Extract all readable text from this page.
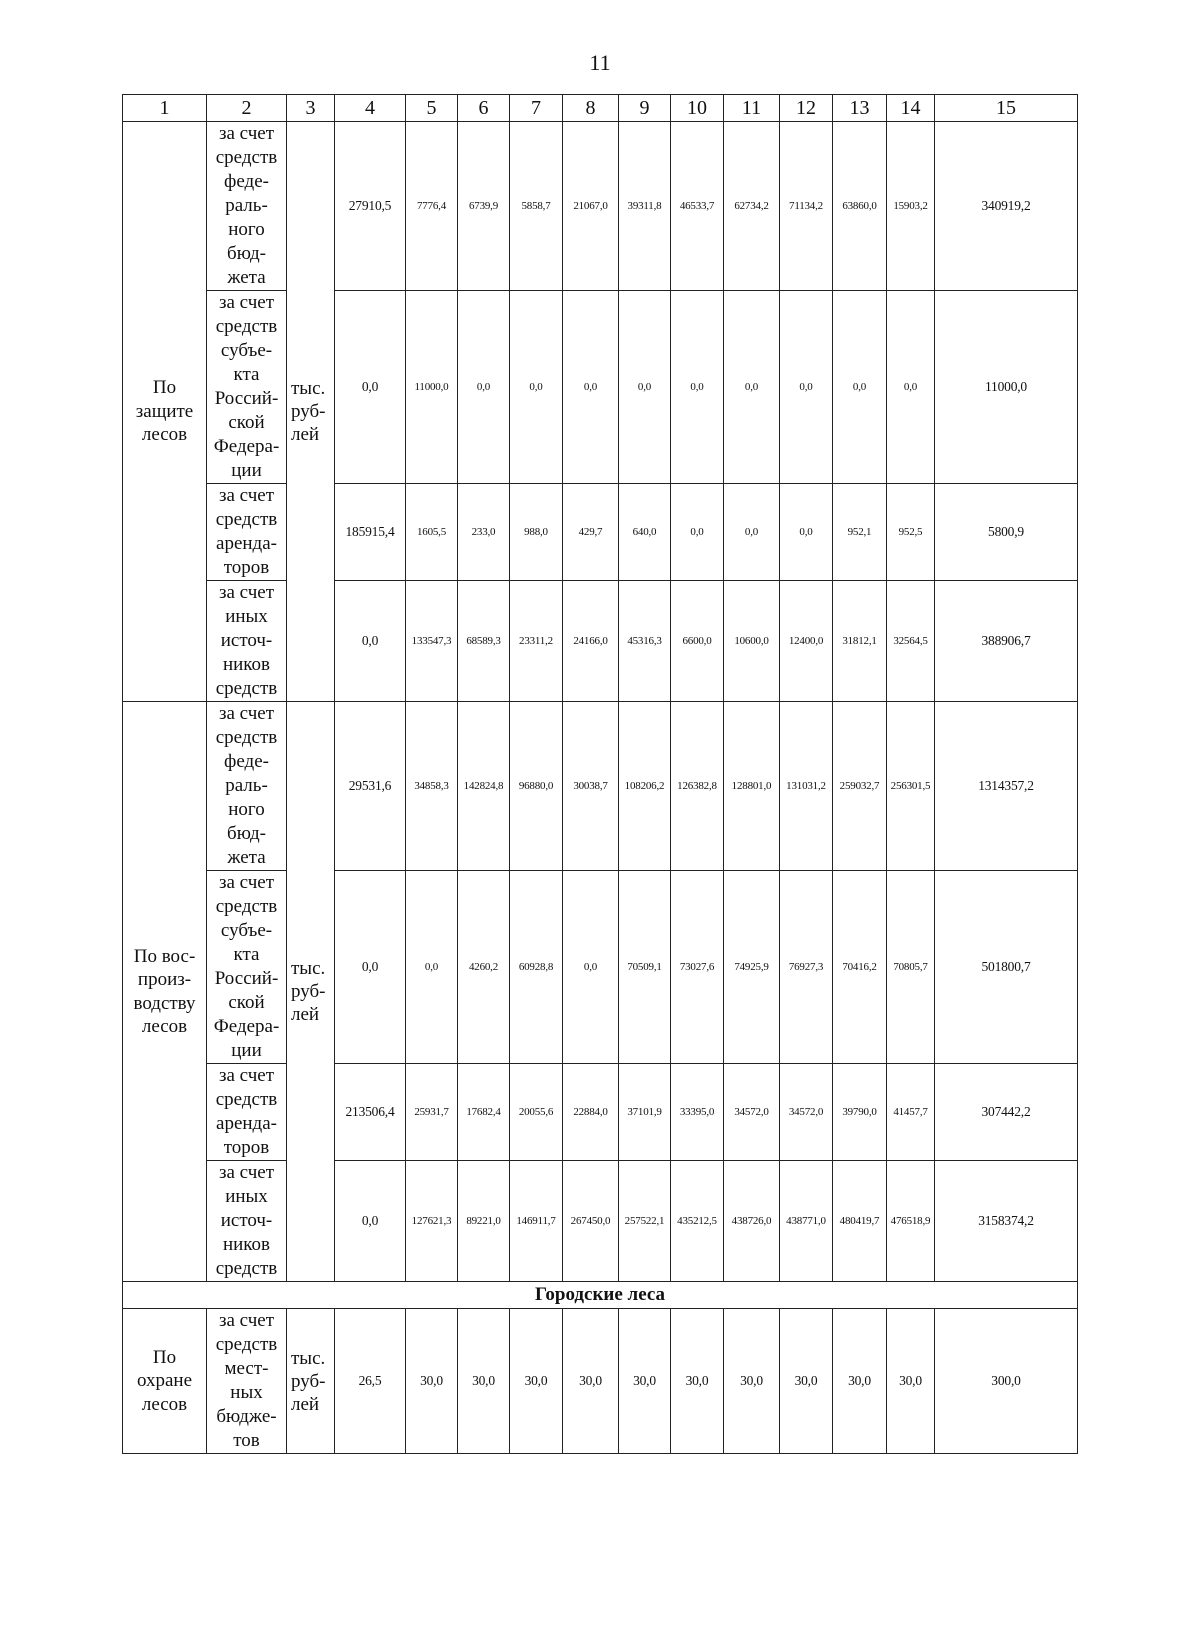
11
1	2	3	4	5	6	7	8	9	10	11	12	13	14	15

По защите лесов	за счет средств феде- раль- ного бюд- жета	тыс. руб- лей	27910,5	7776,4	6739,9	5858,7	21067,0	39311,8	46533,7	62734,2	71134,2	63860,0	15903,2	340919,2
	за счет средств субъе- кта Россий- ской Федера- ции		0,0	11000,0	0,0	0,0	0,0	0,0	0,0	0,0	0,0	0,0	0,0	11000,0
	за счет средств аренда- торов		185915,4	1605,5	233,0	988,0	429,7	640,0	0,0	0,0	0,0	952,1	952,5	5800,9
	за счет иных источ- ников средств		0,0	133547,3	68589,3	23311,2	24166,0	45316,3	6600,0	10600,0	12400,0	31812,1	32564,5	388906,7

По вос- произ- водству лесов	за счет средств феде- раль- ного бюд- жета	тыс. руб- лей	29531,6	34858,3	142824,8	96880,0	30038,7	108206,2	126382,8	128801,0	131031,2	259032,7	256301,5	1314357,2
	за счет средств субъе- кта Россий- ской Федера- ции		0,0	0,0	4260,2	60928,8	0,0	70509,1	73027,6	74925,9	76927,3	70416,2	70805,7	501800,7
	за счет средств аренда- торов		213506,4	25931,7	17682,4	20055,6	22884,0	37101,9	33395,0	34572,0	34572,0	39790,0	41457,7	307442,2
	за счет иных источ- ников средств		0,0	127621,3	89221,0	146911,7	267450,0	257522,1	435212,5	438726,0	438771,0	480419,7	476518,9	3158374,2
Городские леса														

По охране лесов	за счет средств мест- ных бюдже- тов	тыс. руб- лей	26,5	30,0	30,0	30,0	30,0	30,0	30,0	30,0	30,0	30,0	30,0	300,0
